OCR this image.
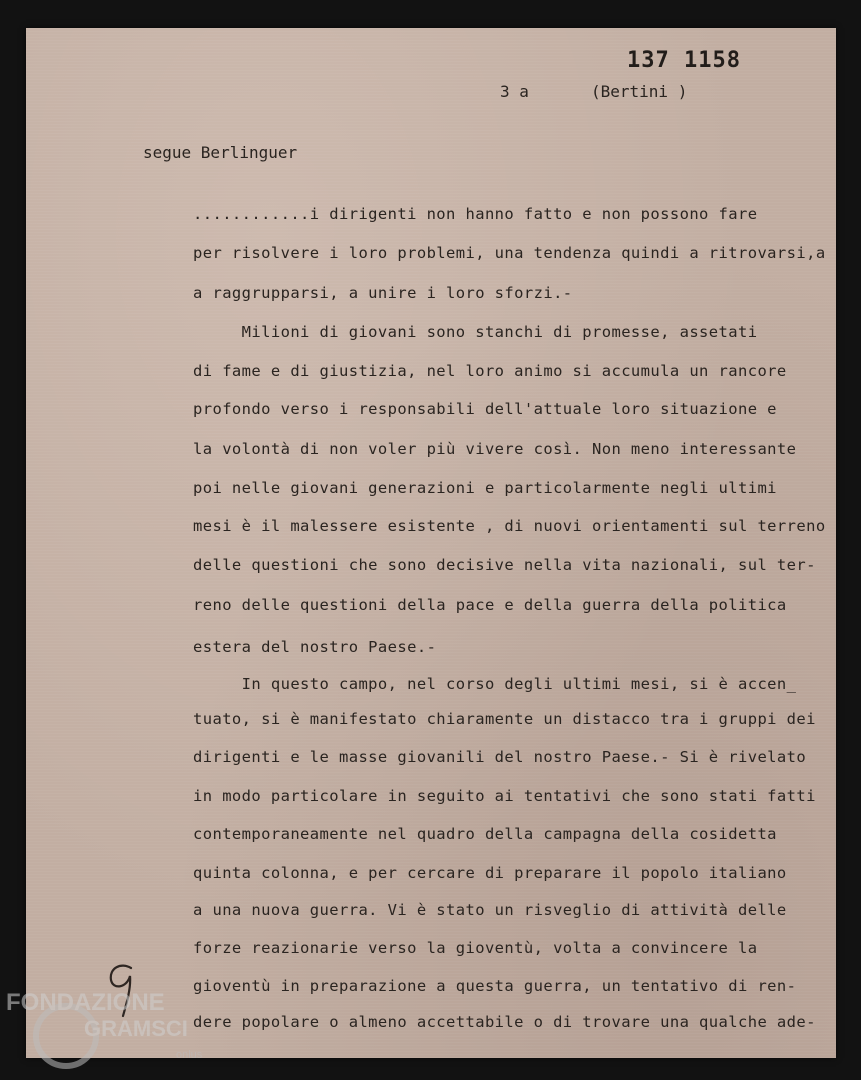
137 1158
3 a	(Bertini )
segue Berlinguer
............i dirigenti non hanno fatto e non possono fare
per risolvere i loro problemi, una tendenza quindi a ritrovarsi,a
a raggrupparsi, a unire i loro sforzi.-
Milioni di giovani sono stanchi di promesse, assetati
di fame e di giustizia, nel loro animo si accumula un rancore
profondo verso i responsabili dell'attuale loro situazione e
la volontà di non voler più vivere così. Non meno interessante
poi nelle giovani generazioni e particolarmente negli ultimi
mesi è il malessere esistente , di nuovi orientamenti sul terreno
delle questioni che sono decisive nella vita nazionali, sul ter-
reno delle questioni della pace e della guerra della politica
estera del nostro Paese.-
In questo campo, nel corso degli ultimi mesi, si è accen_
tuato, si è manifestato chiaramente un distacco tra i gruppi dei
dirigenti e le masse giovanili del nostro Paese.- Si è rivelato
in modo particolare in seguito ai tentativi che sono stati fatti
contemporaneamente nel quadro della campagna della cosidetta
quinta colonna, e per cercare di preparare il popolo italiano
a una nuova guerra. Vi è stato un risveglio di attività delle
forze reazionarie verso la gioventù, volta a convincere la
gioventù in preparazione a questa guerra, un tentativo di ren-
dere popolare o almeno accettabile o di trovare una qualche ade-
FONDAZIONE
GRAMSCI
onlus
